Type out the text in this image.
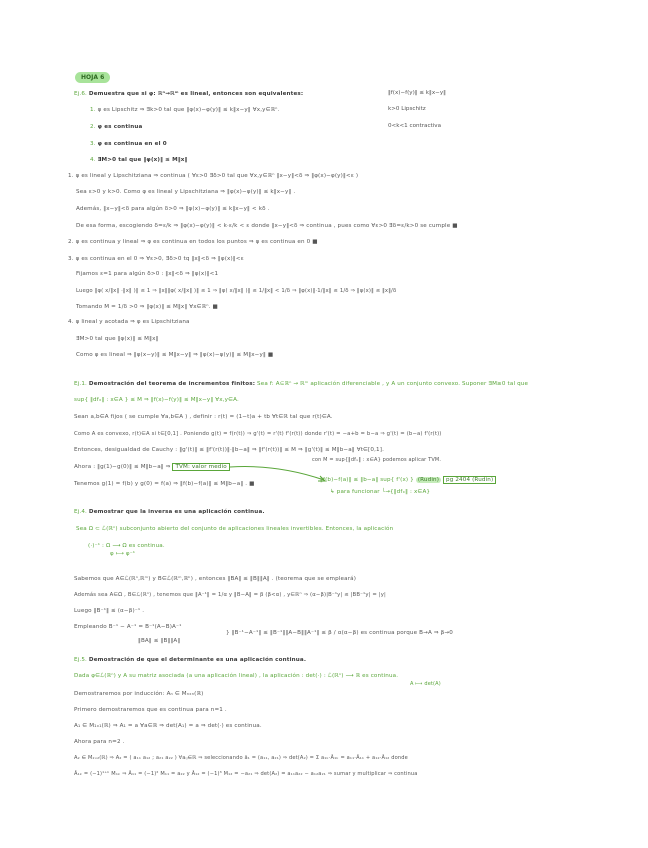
HOJA 6
Ej.6. Demuestra que si φ: ℝⁿ→ℝᵐ es lineal, entonces son equivalentes:
1. φ es Lipschitz ⇒ ∃k>0 tal que ‖φ(x)−φ(y)‖ ≤ k‖x−y‖ ∀x,y∈ℝⁿ.
2. φ es continua
3. φ es continua en el 0
4. ∃M>0 tal que ‖φ(x)‖ ≤ M‖x‖
‖f(x)−f(y)‖ ≤ k‖x−y‖
k>0 Lipschitz
0<k<1 contractiva
1. φ es lineal y Lipschitziana ⇒ continua ( ∀ε>0 ∃δ>0 tal que ∀x,y∈ℝⁿ ‖x−y‖<δ ⇒ ‖φ(x)−φ(y)‖<ε )
Sea ε>0 y k>0. Como φ es lineal y Lipschitziana ⇒ ‖φ(x)−φ(y)‖ ≤ k‖x−y‖ .
Además, ‖x−y‖<δ para algún δ>0 ⇒ ‖φ(x)−φ(y)‖ ≤ k‖x−y‖ < kδ .
De esa forma, escogiendo δ=ε/k ⇒ ‖φ(x)−φ(y)‖ < k·ε/k < ε donde ‖x−y‖<δ ⇒ continua , pues como ∀ε>0 ∃δ=ε/k>0 se cumple ■
2. φ es continua y lineal ⇒ φ es continua en todos los puntos ⇒ φ es continua en 0 ■
3. φ es continua en el 0 ⇒ ∀ε>0, ∃δ>0 tq ‖x‖<δ ⇒ ‖φ(x)‖<ε
Fijamos ε=1 para algún δ>0 : ‖x‖<δ ⇒ ‖φ(x)‖<1
Luego ‖φ( x/‖x‖ ·‖x‖ )‖ ≤ 1 ⇒ ‖x‖‖φ( x/‖x‖ )‖ ≤ 1 ⇒ ‖φ( x/‖x‖ )‖ ≤ 1/‖x‖ < 1/δ ⇒ ‖φ(x)‖·1/‖x‖ ≤ 1/δ ⇒ ‖φ(x)‖ ≤ ‖x‖/δ
Tomando M = 1/δ >0 ⇒ ‖φ(x)‖ ≤ M‖x‖ ∀x∈ℝⁿ. ■
4. φ lineal y acotada ⇒ φ es Lipschitziana
∃M>0 tal que ‖φ(x)‖ ≤ M‖x‖
Como φ es lineal ⇒ ‖φ(x−y)‖ ≤ M‖x−y‖ ⇒ ‖φ(x)−φ(y)‖ ≤ M‖x−y‖ ■
Ej.1. Demostración del teorema de incrementos finitos: Sea f: A⊆ℝⁿ → ℝᵐ aplicación diferenciable , y A un conjunto convexo. Suponer ∃M≥0 tal que
sup{ ‖dfₓ‖ : x∈A } ≤ M ⇒ ‖f(x)−f(y)‖ ≤ M‖x−y‖ ∀x,y∈A.
Sean a,b∈A fijos ( se cumple ∀a,b∈A ) , definir : r(t) = (1−t)a + tb ∀t∈ℝ tal que r(t)∈A.
Como A es convexo, r(t)∈A si t∈[0,1] . Poniendo g(t) = f(r(t)) ⇒ g'(t) = r'(t) f'(r(t)) donde r'(t) = −a+b = b−a ⇒ g'(t) = (b−a) f'(r(t))
Entonces, desigualdad de Cauchy : ‖g'(t)‖ ≤ ‖f'(r(t))‖·‖b−a‖ ⇒ ‖f'(r(t))‖ ≤ M ⇒ ‖g'(t)‖ ≤ M‖b−a‖ ∀t∈[0,1].
con M = sup{‖dfₓ‖ : x∈A} podemos aplicar TVM.
Ahora : ‖g(1)−g(0)‖ ≤ M‖b−a‖ ⇒ TVM: valor medio
Tenemos g(1) = f(b) y g(0) = f(a) ⇒ ‖f(b)−f(a)‖ ≤ M‖b−a‖ . ■
‖f(b)−f(a)‖ ≤ ‖b−a‖ sup{ f'(x) } (Rudin) pg 2404 (Rudin)
↳ para funcionar └→{‖dfₓ‖ : x∈A}
Ej.4. Demostrar que la inversa es una aplicación continua.
Sea Ω ⊂ ℒ(ℝⁿ) subconjunto abierto del conjunto de aplicaciones lineales invertibles. Entonces, la aplicación
(·)⁻¹ : Ω ⟶ Ω es continua.
φ ⟼ φ⁻¹
Sabemos que A∈ℒ(ℝⁿ,ℝᵐ) y B∈ℒ(ℝᵐ,ℝᵏ) , entonces ‖BA‖ ≤ ‖B‖‖A‖ . (teorema que se empleará)
Además sea A∈Ω , B∈ℒ(ℝⁿ) , tenemos que ‖A⁻¹‖ = 1/α y ‖B−A‖ = β (β<α) , y∈ℝⁿ ⇒ (α−β)|B⁻¹y| ≤ |BB⁻¹y| = |y|
Luego ‖B⁻¹‖ ≤ (α−β)⁻¹ .
Empleando B⁻¹ − A⁻¹ = B⁻¹(A−B)A⁻¹
‖BA‖ ≤ ‖B‖‖A‖
} ‖B⁻¹−A⁻¹‖ ≤ ‖B⁻¹‖‖A−B‖‖A⁻¹‖ ≤ β / α(α−β) es continua porque B→A ⇒ β→0
Ej.5. Demostración de que el determinante es una aplicación continua.
Dada φ∈ℒ(ℝⁿ) y A su matriz asociada (a una aplicación lineal) , la aplicación : det(·) : ℒ(ℝⁿ) ⟶ ℝ es continua.
A ⟼ det(A)
Demostraremos por inducción: Aₙ ∈ Mₙₓₙ(ℝ)
Primero demostraremos que es continua para n=1 .
A₁ ∈ M₁ₓ₁(ℝ) ⇒ A₁ = a ∀a∈ℝ ⇒ det(A₁) = a ⇒ det(·) es continua.
Ahora para n=2 .
A₂ ∈ M₂ₓ₂(ℝ) ⇒ A₂ = ( a₁₁ a₁₂ ; a₂₁ a₂₂ ) ∀aᵢⱼ∈ℝ ⇒ seleccionando ā₁ = (a₁₁, a₂₁) ⇒ det(A₂) = Σ a₁ₖ·Â₁ₖ = a₁₁·Â₁₁ + a₁₂·Â₁₂ donde
Â₁ₖ = (−1)¹⁺ᵏ M₁ₖ ⇒ Â₁₁ = (−1)² M₁₁ = a₂₂ y Â₁₂ = (−1)³ M₁₂ = −a₂₁ ⇒ det(A₂) = a₁₁a₂₂ − a₁₂a₂₁ ⇒ sumar y multiplicar ⇒ continua
